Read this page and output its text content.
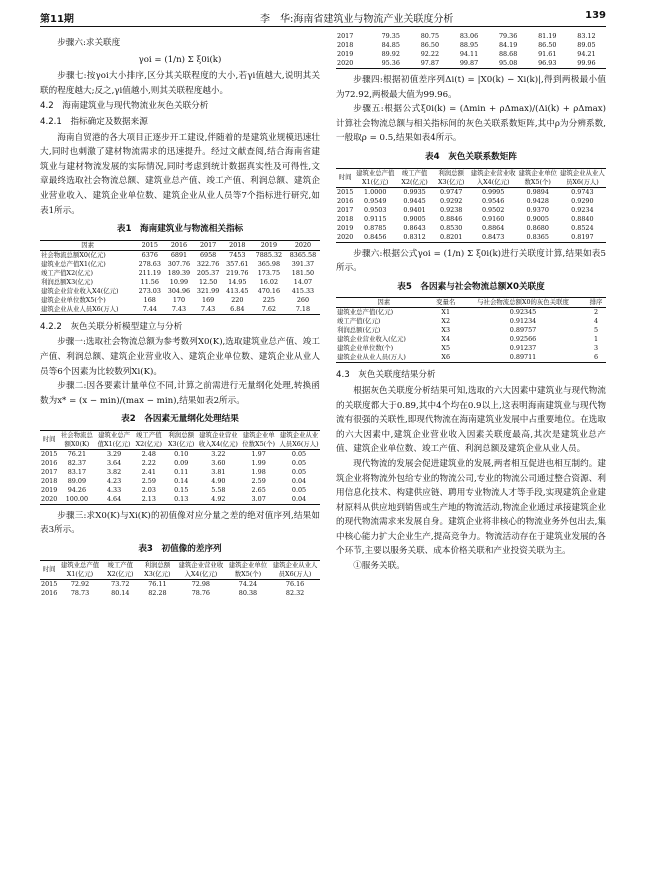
第11期	李　华:海南省建筑业与物流产业关联度分析	139

步骤六:求关联度

γoi = (1/n) Σ ξ0i(k)

步骤七:按γoi大小排序,区分其关联程度的大小,若γi值越大,说明其关联的程度越大;反之,γi值越小,则其关联程度越小。

4.2　海南建筑业与现代物流业灰色关联分析

4.2.1　指标确定及数据来源

海南自贸港的各大项目正逐步开工建设,伴随着的是建筑业规模迅速壮大,同时也刺激了建材物流需求的迅速提升。经过文献查阅,结合海南省建筑业与建材物流发展的实际情况,同时考虑到统计数据真实性及可得性,文章最终选取社会物流总额、建筑业总产值、竣工产值、利润总额、建筑企业营业收入、建筑企业单位数、建筑企业从业人员等7个指标进行研究,如表1所示。

表1　海南建筑业与物流相关指标
因素	2015	2016	2017	2018	2019	2020
社会物流总额X0(亿元)	6376	6891	6958	7453	7885.32	8365.58
建筑业总产值X1(亿元)	278.63	307.76	322.76	357.61	365.98	391.37
竣工产值X2(亿元)	211.19	189.39	205.37	219.76	173.75	181.50
利润总额X3(亿元)	11.56	10.99	12.50	14.95	16.02	14.07
建筑企业营业收入X4(亿元)	273.03	304.96	321.99	413.45	470.16	415.33
建筑企业单位数X5(个)	168	170	169	220	225	260
建筑企业从业人员X6(万人)	7.44	7.43	7.43	6.84	7.62	7.18

4.2.2　灰色关联分析模型建立与分析

步骤一:选取社会物流总额为参考数列X0(K),选取建筑业总产值、竣工产值、利润总额、建筑企业营业收入、建筑企业单位数、建筑企业从业人员等6个因素为比较数列Xi(K)。

步骤二:因各要素计量单位不同,计算之前需进行无量纲化处理,转换函数为x* = (x − min)/(max − min),结果如表2所示。

表2　各因素无量纲化处理结果
时间	社会物流总额X0(K)	建筑业总产值X1(亿元)	竣工产值X2(亿元)	利润总额X3(亿元)	建筑企业营业收入X4(亿元)	建筑企业单位数X5(个)	建筑企业从业人员X6(万人)
2015	76.21	3.29	2.48	0.10	3.22	1.97	0.05
2016	82.37	3.64	2.22	0.09	3.60	1.99	0.05
2017	83.17	3.82	2.41	0.11	3.81	1.98	0.05
2018	89.09	4.23	2.59	0.14	4.90	2.59	0.04
2019	94.26	4.33	2.03	0.15	5.58	2.65	0.05
2020	100.00	4.64	2.13	0.13	4.92	3.07	0.04

步骤三:求X0(K)与Xi(K)的初值像对应分量之差的绝对值序列,结果如表3所示。

表3　初值像的差序列
时间	建筑业总产值X1(亿元)	竣工产值X2(亿元)	利润总额X3(亿元)	建筑企业营业收入X4(亿元)	建筑企业单位数X5(个)	建筑企业从业人员X6(万人)
2015	72.92	73.72	76.11	72.98	74.24	76.16
2016	78.73	80.14	82.28	78.76	80.38	82.32
2017	79.35	80.75	83.06	79.36	81.19	83.12
2018	84.85	86.50	88.95	84.19	86.50	89.05
2019	89.92	92.22	94.11	88.68	91.61	94.21
2020	95.36	97.87	99.87	95.08	96.93	99.96

步骤四:根据初值差序列Δi(t) = |X0(k) − Xi(k)|,得到两极最小值为72.92,两极最大值为99.96。

步骤五:根据公式ξ0i(k) = (Δmin + ρΔmax)/(Δi(k) + ρΔmax)计算社会物流总额与相关指标间的灰色关联系数矩阵,其中ρ为分辨系数,一般取ρ = 0.5,结果如表4所示。

表4　灰色关联系数矩阵
时间	建筑业总产值X1(亿元)	竣工产值X2(亿元)	利润总额X3(亿元)	建筑企业营业收入X4(亿元)	建筑企业单位数X5(个)	建筑企业从业人员X6(万人)
2015	1.0000	0.9935	0.9747	0.9995	0.9894	0.9743
2016	0.9549	0.9445	0.9292	0.9546	0.9428	0.9290
2017	0.9503	0.9401	0.9238	0.9502	0.9370	0.9234
2018	0.9115	0.9005	0.8846	0.9160	0.9005	0.8840
2019	0.8785	0.8643	0.8530	0.8864	0.8680	0.8524
2020	0.8456	0.8312	0.8201	0.8473	0.8365	0.8197

步骤六:根据公式γoi = (1/n) Σ ξ0i(k)进行关联度计算,结果如表5所示。

表5　各因素与社会物流总额X0关联度
因素	变量名	与社会物流总额X0的灰色关联度	排序
建筑业总产值(亿元)	X1	0.92345	2
竣工产值(亿元)	X2	0.91234	4
利润总额(亿元)	X3	0.89757	5
建筑企业营业收入(亿元)	X4	0.92566	1
建筑企业单位数(个)	X5	0.91237	3
建筑企业从业人员(万人)	X6	0.89711	6

4.3　灰色关联度结果分析

根据灰色关联度分析结果可知,选取的六大因素中建筑业与现代物流的关联度都大于0.89,其中4个均在0.9以上,这表明海南建筑业与现代物流有很强的关联性,即现代物流在海南建筑业发展中占重要地位。在选取的六大因素中,建筑企业营业收入因素关联度最高,其次是建筑业总产值、建筑企业单位数、竣工产值、利润总额及建筑企业从业人员。

现代物流的发展会促进建筑业的发展,两者相互促进也相互制约。建筑企业将物流外包给专业的物流公司,专业的物流公司通过整合资源、利用信息化技术、构建供应链、聘用专业物流人才等手段,实现建筑企业建材原料从供应地到销售或生产地的物流活动,物流企业通过承接建筑企业的现代物流需求来发展自身。建筑企业将非核心的物流业务外包出去,集中核心能力扩大企业生产,提高竞争力。物流活动存在于建筑业发展的各个环节,主要以服务关联、成本价格关联和产业投资关联为主。

①服务关联。
